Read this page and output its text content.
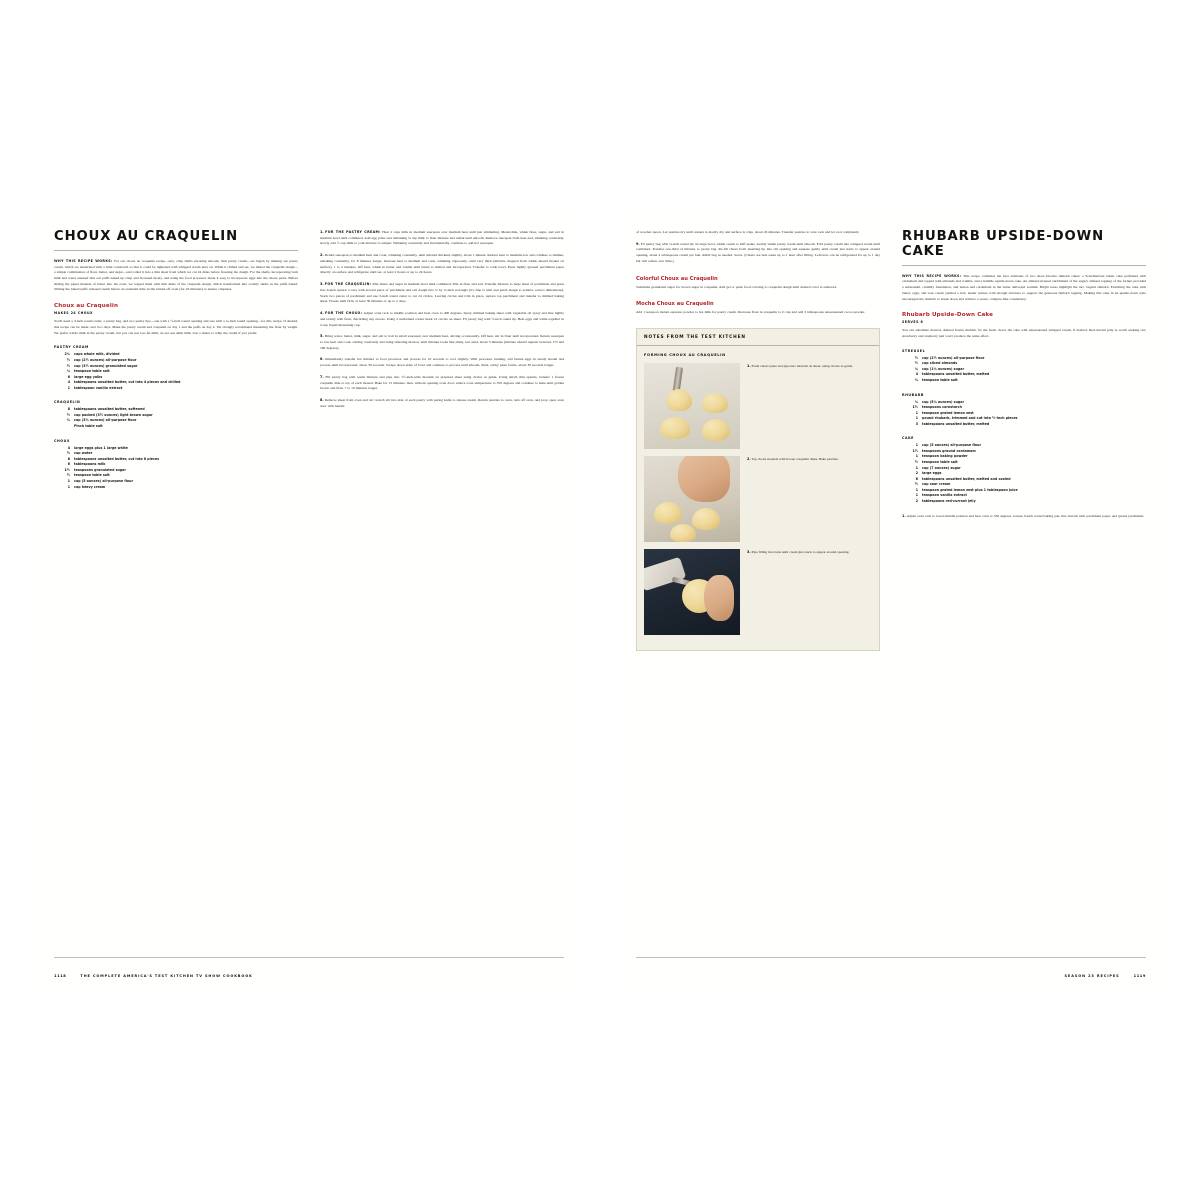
CHOUX AU CRAQUELIN

WHY THIS RECIPE WORKS: For our choux au craquelin recipe—airy, crisp shells encasing smooth, lush pastry cream—we began by making our pastry cream, which we tenderized with a little cornstarch so that it could be lightened with whipped cream later on. While it chilled and set, we mixed the craquelin dough—a simple combination of flour, butter, and sugar—and rolled it into a thin sheet from which we cut 24 disks before freezing the dough. For the shells, incorporating both milk and water ensured that our puffs baked up crisp and browned nicely, and using the food processor made it easy to incorporate eggs into the choux paste. Before sliding the piped mounds of batter into the oven, we topped them with thin disks of the craquelin dough, which transformed into crackly shells as the puffs baked. Slitting the baked puffs released steam before an extended time in the turned-off oven (for 45 minutes) to ensure crispness.

Choux au Craquelin
MAKES 24 CHOUX

You'll need a 3-inch round cutter, a pastry bag, and two pastry tips—one with a ½-inch round opening and one with a ¼-inch round opening—for this recipe. If desired, this recipe can be made over two days. Make the pastry cream and craquelin on day 1 and the puffs on day 2. We strongly recommend measuring the flour by weight. We prefer whole milk in the pastry cream, but you can use low-fat milk; do not use skim milk. Use a mixer to whip the cream if you prefer.

PASTRY CREAM
2¼	cups whole milk, divided
½	cup (2½ ounces) all-purpose flour
½	cup (3½ ounces) granulated sugar
¼	teaspoon table salt
6	large egg yolks
4	tablespoons unsalted butter, cut into 4 pieces and chilled
1	tablespoon vanilla extract
CRAQUELIN
8	tablespoons unsalted butter, softened
½	cup packed (3½ ounces) light brown sugar
¾	cup (3¾ ounces) all-purpose flour
Pinch table salt
CHOUX
4	large eggs plus 1 large white
½	cup water
8	tablespoons unsalted butter, cut into 8 pieces
6	tablespoons milk
1½	teaspoons granulated sugar
½	teaspoon table salt
1	cup (5 ounces) all-purpose flour
1	cup heavy cream

1. FOR THE PASTRY CREAM: Heat 2 cups milk in medium saucepan over medium heat until just simmering. Meanwhile, whisk flour, sugar, and salt in medium bowl until combined. Add egg yolks and remaining ¼ cup milk to flour mixture and whisk until smooth. Remove saucepan from heat and, whisking constantly, slowly add ½ cup milk to yolk mixture to temper. Whisking constantly and incrementally, continue to add hot saucepan.

2. Return saucepan to medium heat and cook, whisking constantly, until mixture thickens slightly, about 1 minute. Reduce heat to medium-low and continue to simmer, whisking constantly, for 8 minutes longer. Increase heat to medium and cook, whisking vigorously, until very thick (mixture dropped from whisk should mound on surface), 1 to 2 minutes. Off heat, whisk in butter and vanilla until butter is melted and incorporated. Transfer to wide bowl. Press lightly greased parchment paper directly on surface and refrigerate until set, at least 2 hours or up to 24 hours.

3. FOR THE CRAQUELIN: Mix butter and sugar in medium bowl until combined. Mix in flour and salt. Transfer mixture to large sheet of parchment and press into 6-inch square. Cover with second piece of parchment and roll dough into ⅛ by ⅛-inch rectangle (it's fine to trim and patch dough to achieve correct dimensions). Stack two pieces of parchment and use 3-inch round cutter to cut 24 circles. Leaving circles and trim in place, replace top parchment and transfer to rimmed baking sheet. Freeze until firm, at least 30 minutes or up to 2 days.

4. FOR THE CHOUX: Adjust oven rack to middle position and heat oven to 400 degrees. Spray rimmed baking sheet with vegetable oil spray and line lightly and evenly with flour, discarding any excess. Using 2 uniformed corner mark 12 circles on sheet. Fit pastry bag with ½-inch round tip. Beat eggs and white together in 2-cup liquid measuring cup.

5. Bring water, butter, milk, sugar, and salt to boil in small saucepan over medium heat, stirring occasionally. Off heat, stir in flour until incorporated. Return saucepan to low heat and cook, stirring constantly and using smearing motion, until mixture looks like shiny, wet sand, about 3 minutes (mixture should register between 175 and 180 degrees).

6. Immediately transfer hot mixture to food processor and process for 10 seconds to cool slightly. With processor running, add beaten eggs in steady stream and process until incorporated, about 30 seconds. Scrape down sides of bowl and continue to process until smooth, thick, sticky paste forms, about 30 seconds longer.

7. Fill pastry bag with warm mixture and pipe into 1½-inch-wide mounds on prepared sheet using circles as guide. Using small, thin spatula, transfer 1 frozen craquelin disk to top of each mound. Bake for 15 minutes, then, without opening oven door, reduce oven temperature to 350 degrees and continue to bake until golden brown and firm, 7 to 10 minutes longer.

8. Remove sheet from oven and cut ⅛-inch slit into side of each pastry with paring knife to release steam. Return pastries to oven, turn off oven, and prop open oven door with handle

1118	THE COMPLETE AMERICA'S TEST KITCHEN TV SHOW COOKBOOK

of wooden spoon. Let pastries dry until centers is mostly dry and surface is crisp, about 45 minutes. Transfer pastries to wire rack and let cool completely.

9. Fit pastry bag with ¼-inch round tip. In large bowl, whisk cream to stiff peaks. Gently whisk pastry cream until smooth. Fold pastry cream into whipped cream until combined. Transfer one-third of mixture to pastry bag. Re-fill choux from inserting tip into slit opening and squeeze gently until cream just starts to appear around opening, about 2 tablespoons cream per bun. Refill bag as needed. Serve. (Choux are best eaten up to 1 hour after filling. Leftovers can be refrigerated for up to 1 day but will soften over time.)

Colorful Choux au Craquelin

Substitute granulated sugar for brown sugar in craquelin. Add gel or paste food coloring to craquelin dough until desired color is achieved.

Mocha Choux au Craquelin

Add 1 teaspoon instant espresso powder to hot milk for pastry cream. Decrease flour in craquelin to ⅔ cup and add 3 tablespoons unsweetened cocoa powder.

NOTES FROM THE TEST KITCHEN
FORMING CHOUX AU CRAQUELIN
1. Fresh choux paste and pipe into mounds on sheet, using circles as guide.
2. Top choux mounds with frozen craquelin disks. Bake pastries.
3. Pipe filling into buns until cream just starts to appear around opening.
RHUBARB UPSIDE-DOWN CAKE

WHY THIS RECIPE WORKS: This recipe combines the best attributes of two show-favorite rhubarb cakes: a Scandinavian butter cake perfumed with cardamom and topped with almonds and crumbs, and a humble upside-down cake. An almond-streusel enrichment of the sugary almond topping of the former provided a substantial, crumbly foundation, and lemon and cardamom in the batter delivered warmth. Bright notes highlight the tart, vegetal rhubarb. Enriching the cake with butter, eggs, and sour cream yielded a rich, tender texture with enough structure to support the generous rhubarb topping. Making this cake in an upside-down style encouraged the rhubarb to break down and achieve a sweet, compote-like consistency.

Rhubarb Upside-Down Cake
SERVES 8

You can substitute thawed, drained frozen rhubarb for the fresh. Serve the cake with unsweetened whipped cream, if desired. Red-currant jelly is worth seeking out; strawberry and raspberry jam won't produce the same effect.

STREUSEL
½	cup (2½ ounces) all-purpose flour
½	cup sliced almonds
¼	cup (1¾ ounces) sugar
4	tablespoons unsalted butter, melted
⅛	teaspoon table salt
RHUBARB
¾	cup (5¼ ounces) sugar
1½	teaspoons cornstarch
1	teaspoon grated lemon zest
1	pound rhubarb, trimmed and cut into ½-inch pieces
3	tablespoons unsalted butter, melted
CAKE
1	cup (5 ounces) all-purpose flour
1½	teaspoons ground cardamom
1	teaspoon baking powder
½	teaspoon table salt
1	cup (7 ounces) sugar
2	large eggs
8	tablespoons unsalted butter, melted and cooled
½	cup sour cream
1	teaspoon grated lemon zest plus 1 tablespoon juice
1	teaspoon vanilla extract
2	tablespoons red-currant jelly

1. Adjust oven rack to lower-middle position and heat oven to 350 degrees. Grease 9-inch round baking pan, line bottom with parchment paper, and grease parchment.

SEASON 23 RECIPES	1119
